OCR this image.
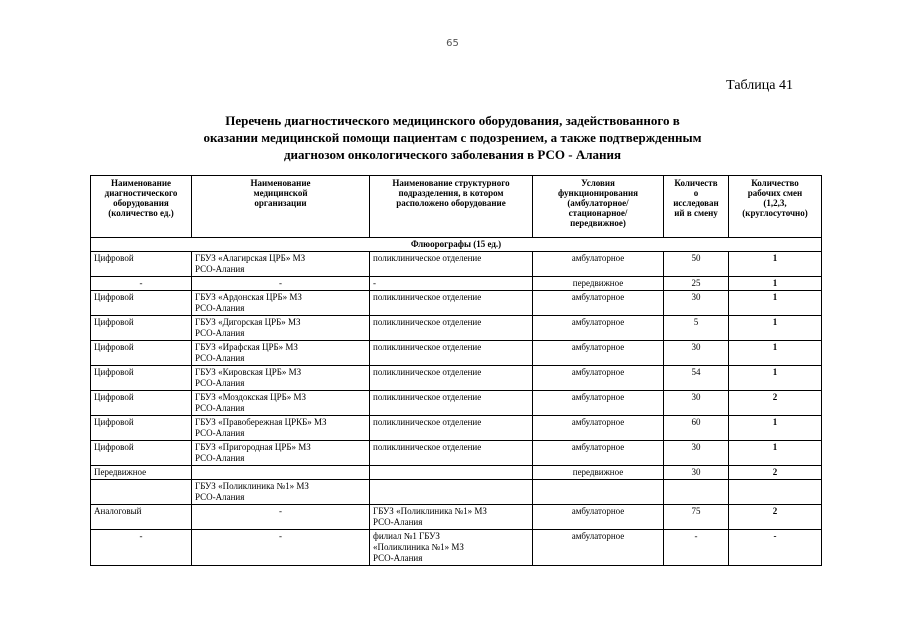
65
Таблица 41
Перечень диагностического медицинского оборудования, задействованного в
оказании медицинской помощи пациентам с подозрением, а также подтвержденным
диагнозом онкологического заболевания в РСО - Алания
Наименование
диагностического
оборудования
(количество ед.)	Наименование
медицинской
организации	Наименование структурного
подразделения, в котором
расположено оборудование	Условия
функционирования
(амбулаторное/
стационарное/
передвижное)	Количеств
о
исследован
ий в смену	Количество
рабочих смен
(1,2,3,
(круглосуточно)

Флюорографы (15 ед.)					
Цифровой	ГБУЗ «Алагирская ЦРБ» МЗ
РСО-Алания	поликлиническое отделение	амбулаторное	50	1
-	-	-	передвижное	25	1
Цифровой	ГБУЗ «Ардонская ЦРБ» МЗ
РСО-Алания	поликлиническое отделение	амбулаторное	30	1
Цифровой	ГБУЗ «Дигорская ЦРБ» МЗ
РСО-Алания	поликлиническое отделение	амбулаторное	5	1
Цифровой	ГБУЗ «Ирафская ЦРБ» МЗ
РСО-Алания	поликлиническое отделение	амбулаторное	30	1
Цифровой	ГБУЗ «Кировская ЦРБ» МЗ
РСО-Алания	поликлиническое отделение	амбулаторное	54	1
Цифровой	ГБУЗ «Моздокская ЦРБ» МЗ
РСО-Алания	поликлиническое отделение	амбулаторное	30	2
Цифровой	ГБУЗ «Правобережная ЦРКБ» МЗ
РСО-Алания	поликлиническое отделение	амбулаторное	60	1
Цифровой	ГБУЗ «Пригородная ЦРБ» МЗ
РСО-Алания	поликлиническое отделение	амбулаторное	30	1
Передвижное			передвижное	30	2

	ГБУЗ «Поликлиника №1» МЗ
РСО-Алания				

Аналоговый	-	ГБУЗ «Поликлиника №1» МЗ
РСО-Алания	амбулаторное	75	2
-	-	филиал №1 ГБУЗ
«Поликлиника №1» МЗ
РСО-Алания	амбулаторное	-	-
